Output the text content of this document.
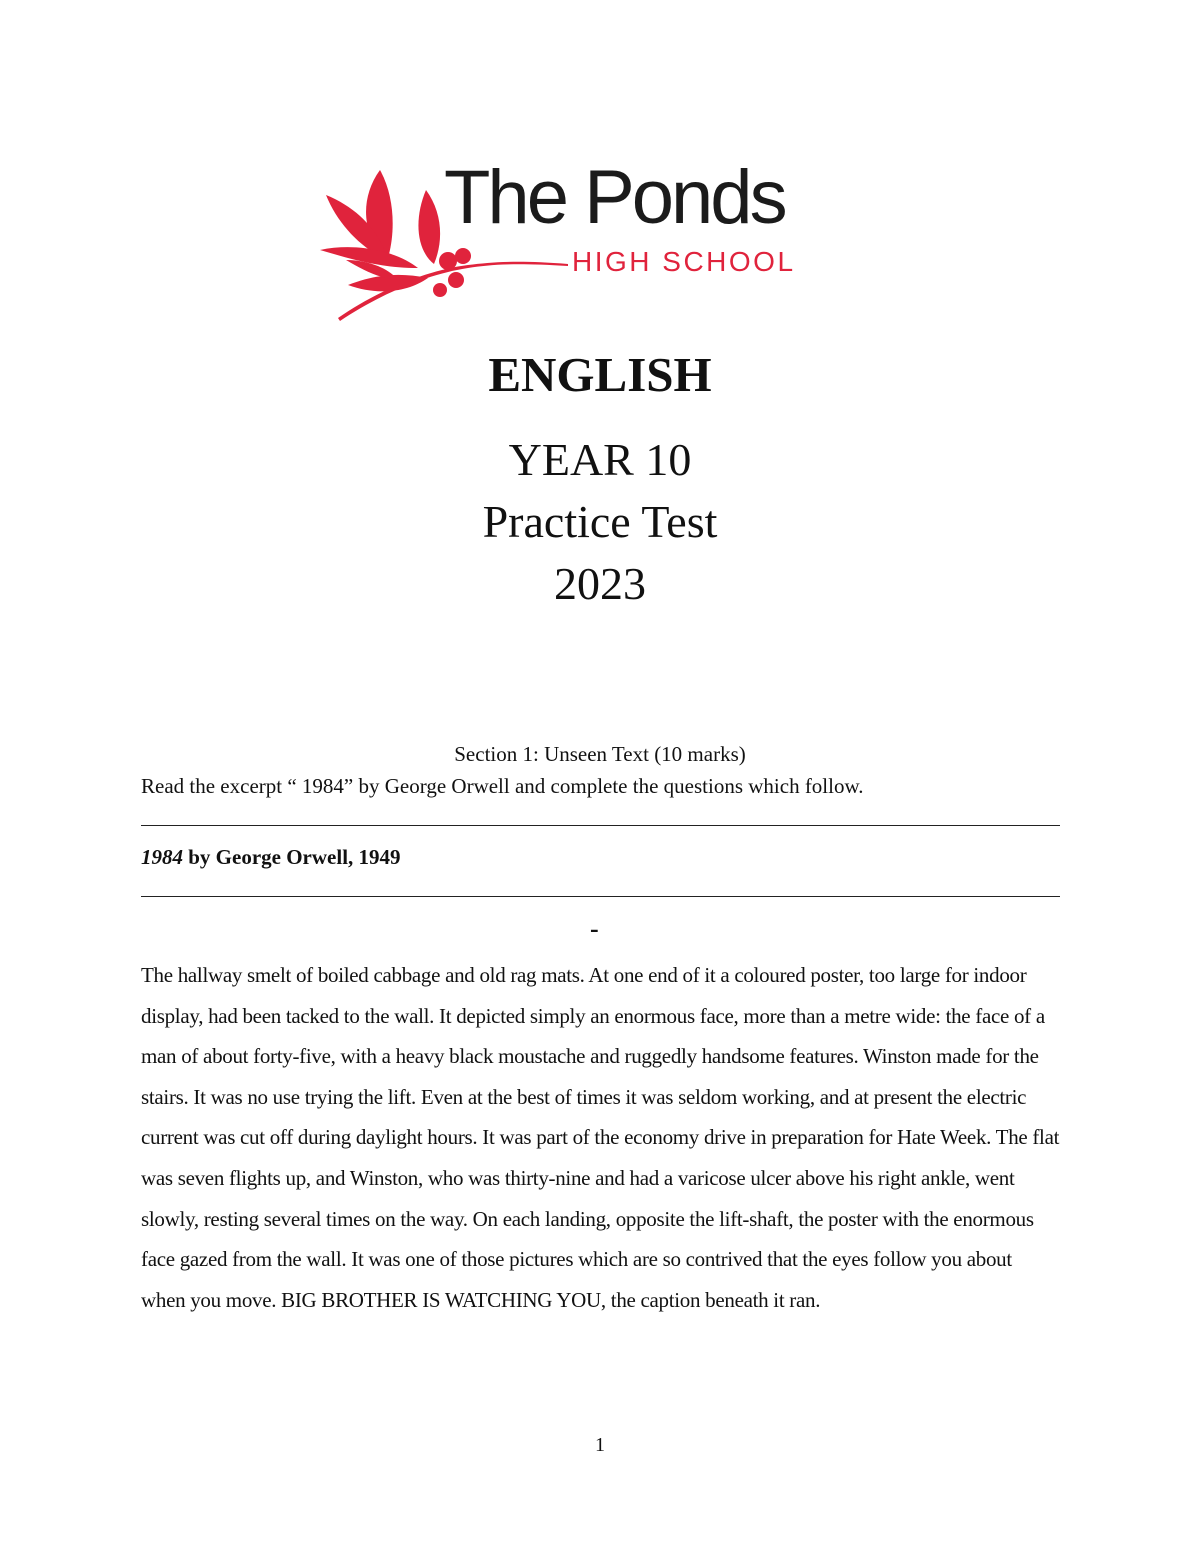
The Ponds
HIGH SCHOOL
ENGLISH
YEAR 10
Practice Test
2023
Section 1: Unseen Text (10 marks)
Read the excerpt “ 1984” by George Orwell and complete the questions which follow.
1984 by George Orwell, 1949
-

The hallway smelt of boiled cabbage and old rag mats. At one end of it a coloured poster, too large for indoor display, had been tacked to the wall. It depicted simply an enormous face, more than a metre wide: the face of a man of about forty-five, with a heavy black moustache and ruggedly handsome features. Winston made for the stairs. It was no use trying the lift. Even at the best of times it was seldom working, and at present the electric current was cut off during daylight hours. It was part of the economy drive in preparation for Hate Week. The flat was seven flights up, and Winston, who was thirty-nine and had a varicose ulcer above his right ankle, went slowly, resting several times on the way. On each landing, opposite the lift-shaft, the poster with the enormous face gazed from the wall. It was one of those pictures which are so contrived that the eyes follow you about when you move. BIG BROTHER IS WATCHING YOU, the caption beneath it ran.

1
